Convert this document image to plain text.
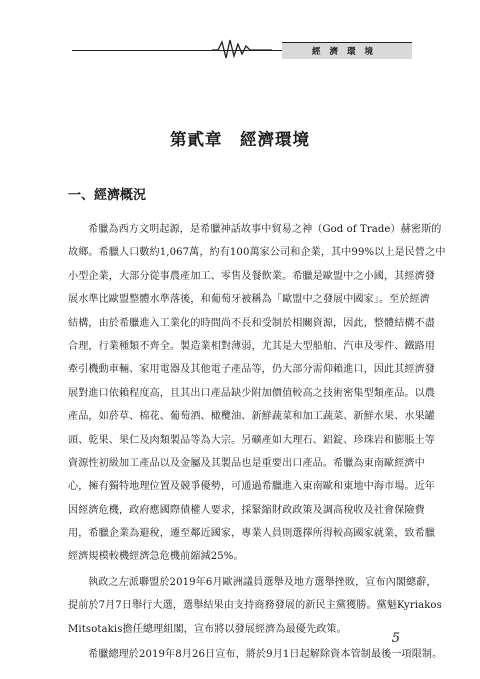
經濟環境
第貳章　經濟環境
一、經濟概況
希臘為西方文明起源，是希臘神話故事中貿易之神（God of Trade）赫密斯的
故鄉。希臘人口數約1,067萬，約有100萬家公司和企業，其中99%以上是民營之中
小型企業，大部分從事農產加工、零售及餐飲業。希臘是歐盟中之小國，其經濟發
展水準比歐盟整體水準落後，和葡萄牙被稱為「歐盟中之發展中國家」。至於經濟
結構，由於希臘進入工業化的時間尚不長和受制於相關資源，因此，整體結構不盡
合理，行業種類不齊全。製造業相對薄弱，尤其是大型船舶、汽車及零件、鐵路用
牽引機動車輛、家用電器及其他電子產品等，仍大部分需仰賴進口，因此其經濟發
展對進口依賴程度高，且其出口產品缺少附加價值較高之技術密集型類產品。以農
產品，如菸草、棉花、葡萄酒、橄欖油、新鮮蔬菜和加工蔬菜、新鮮水果、水果罐
頭、乾果、果仁及肉類製品等為大宗。另礦產如大理石、鋁錠、珍珠岩和膨脹土等
資源性初級加工產品以及金屬及其製品也是重要出口產品。希臘為東南歐經濟中
心，擁有獨特地理位置及競爭優勢，可通過希臘進入東南歐和東地中海市場。近年
因經濟危機，政府應國際債權人要求，採緊縮財政政策及調高稅收及社會保險費
用，希臘企業為避稅，遷至鄰近國家，專業人員則選擇所得較高國家就業，致希臘
經濟規模較機經濟急危機前縮減25%。
執政之左派聯盟於2019年6月歐洲議員選舉及地方選舉挫敗，宣布內閣總辭，
提前於7月7日舉行大選，選舉結果由支持商務發展的新民主黨獲勝。黨魁Kyriakos
Mitsotakis擔任總理組閣，宣布將以發展經濟為最優先政策。
希臘總理於2019年8月26日宣布，將於9月1日起解除資本管制最後一項限制。
5
